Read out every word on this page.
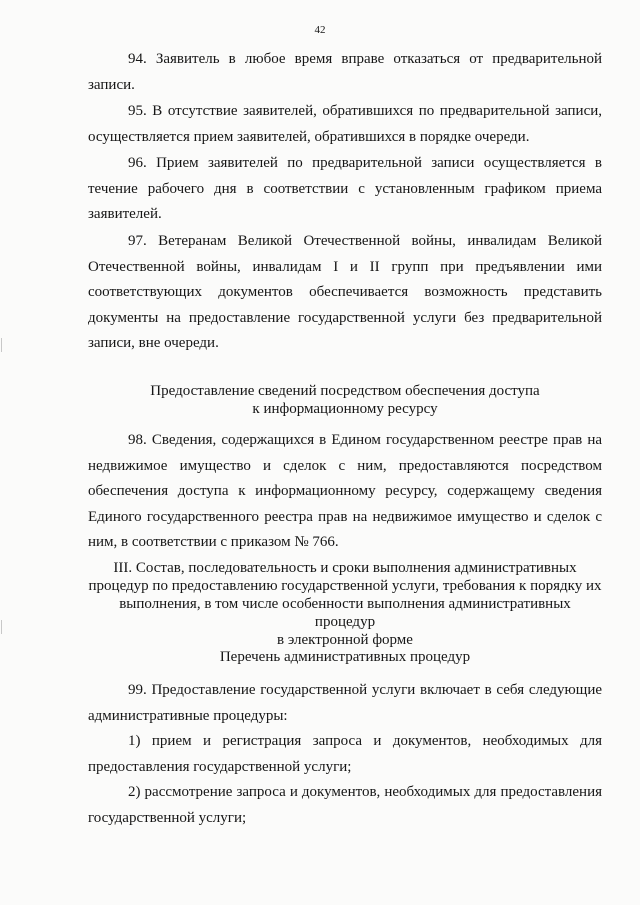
42

94. Заявитель в любое время вправе отказаться от предварительной записи.

95. В отсутствие заявителей, обратившихся по предварительной записи, осуществляется прием заявителей, обратившихся в порядке очереди.

96. Прием заявителей по предварительной записи осуществляется в течение рабочего дня в соответствии с установленным графиком приема заявителей.

97. Ветеранам Великой Отечественной войны, инвалидам Великой Отечественной войны, инвалидам I и II групп при предъявлении ими соответствующих документов обеспечивается возможность представить документы на предоставление государственной услуги без предварительной записи, вне очереди.

Предоставление сведений посредством обеспечения доступа
к информационному ресурсу

98. Сведения, содержащихся в Едином государственном реестре прав на недвижимое имущество и сделок с ним, предоставляются посредством обеспечения доступа к информационному ресурсу, содержащему сведения Единого государственного реестра прав на недвижимое имущество и сделок с ним, в соответствии с приказом № 766.

III. Состав, последовательность и сроки выполнения административных
процедур по предоставлению государственной услуги, требования к порядку их
выполнения, в том числе особенности выполнения административных процедур
в электронной форме
Перечень административных процедур

99. Предоставление государственной услуги включает в себя следующие административные процедуры:

1) прием и регистрация запроса и документов, необходимых для предоставления государственной услуги;

2) рассмотрение запроса и документов, необходимых для предоставления государственной услуги;
